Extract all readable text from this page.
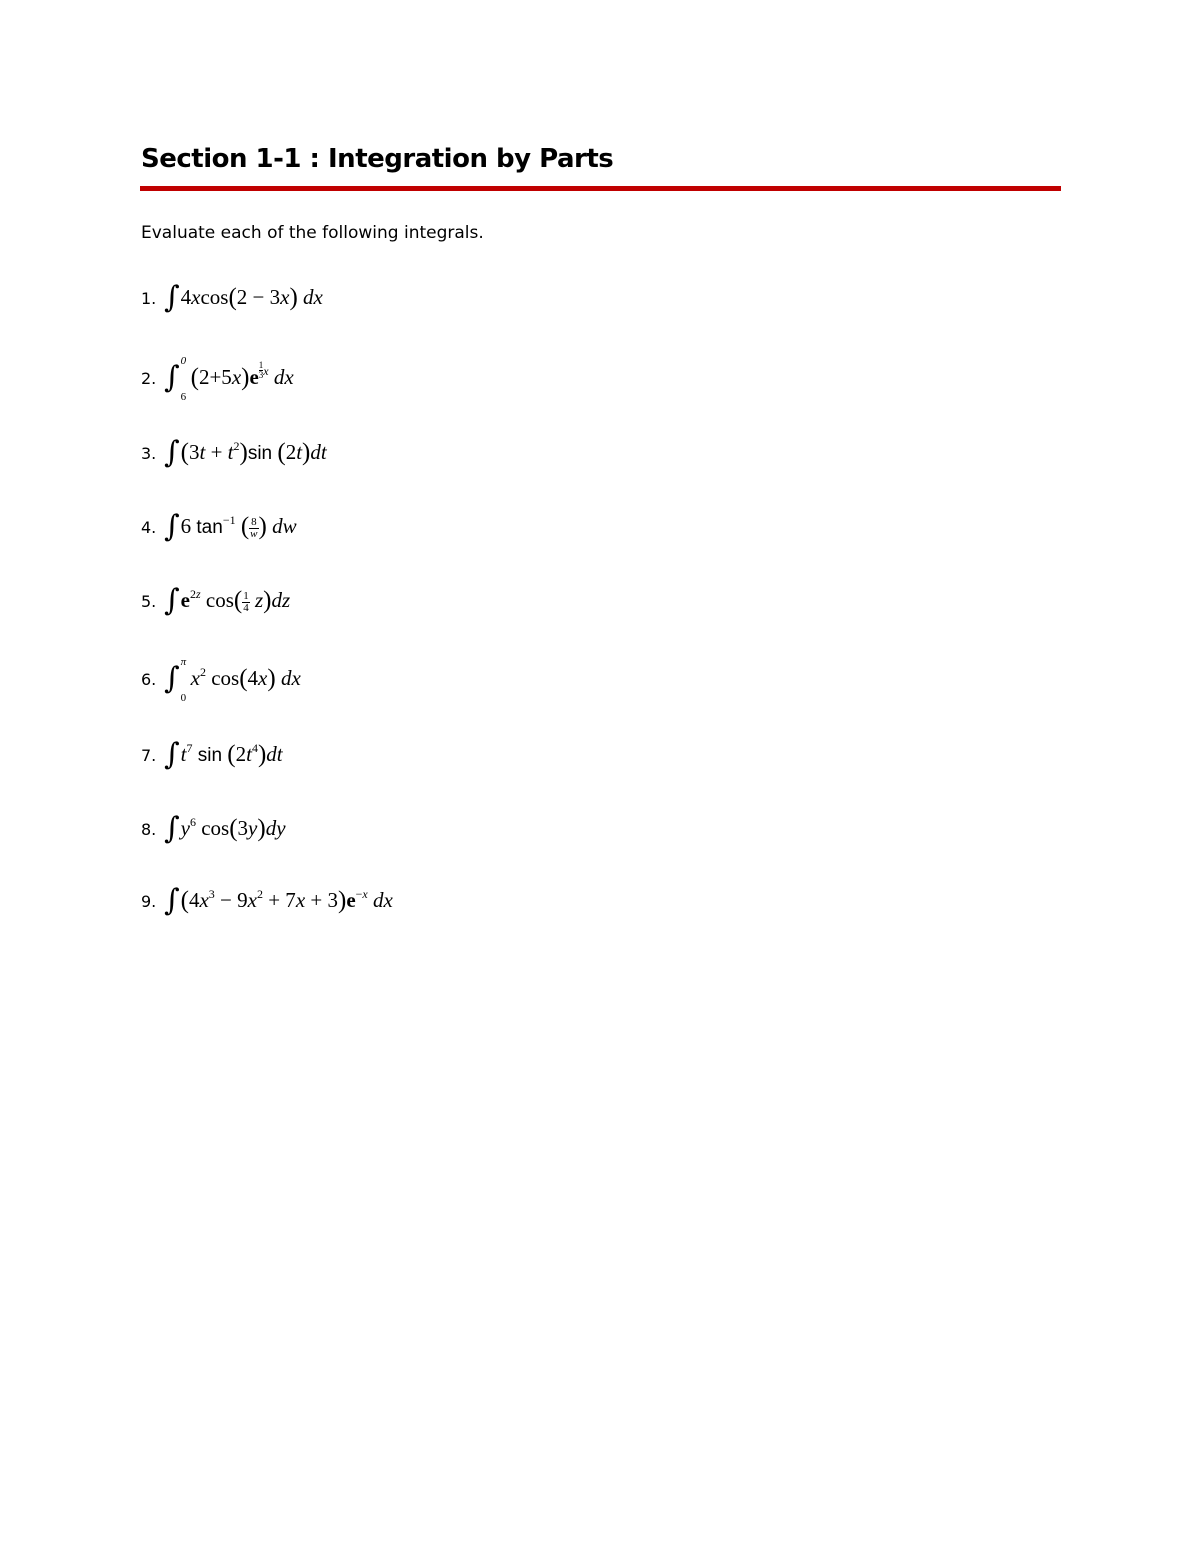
Section 1-1 : Integration by Parts
Evaluate each of the following integrals.
1. ∫4xcos(2 − 3x) dx
2. ∫ 0
6
$(2+5x)e \frac{1}{3} ^x$ dx
3. $\int(3t + t^2)\sin$ (2t)dt
4. ∫6 $\tan^{-1}$ ( $\frac{8}{w}$ ) dw
5. $\int e^{2z}$ $\cos( \frac{1}{4} z)dz$
6. ∫ π
0
$x^2$ cos(4x) dx
7. $\int t^7$ $\sin (2t^4)dt$
8. $\int y^6$ cos(3y)dy
9. $\int(4x^3 - 9x^2 + 7x + 3)e^{-x}$ dx
